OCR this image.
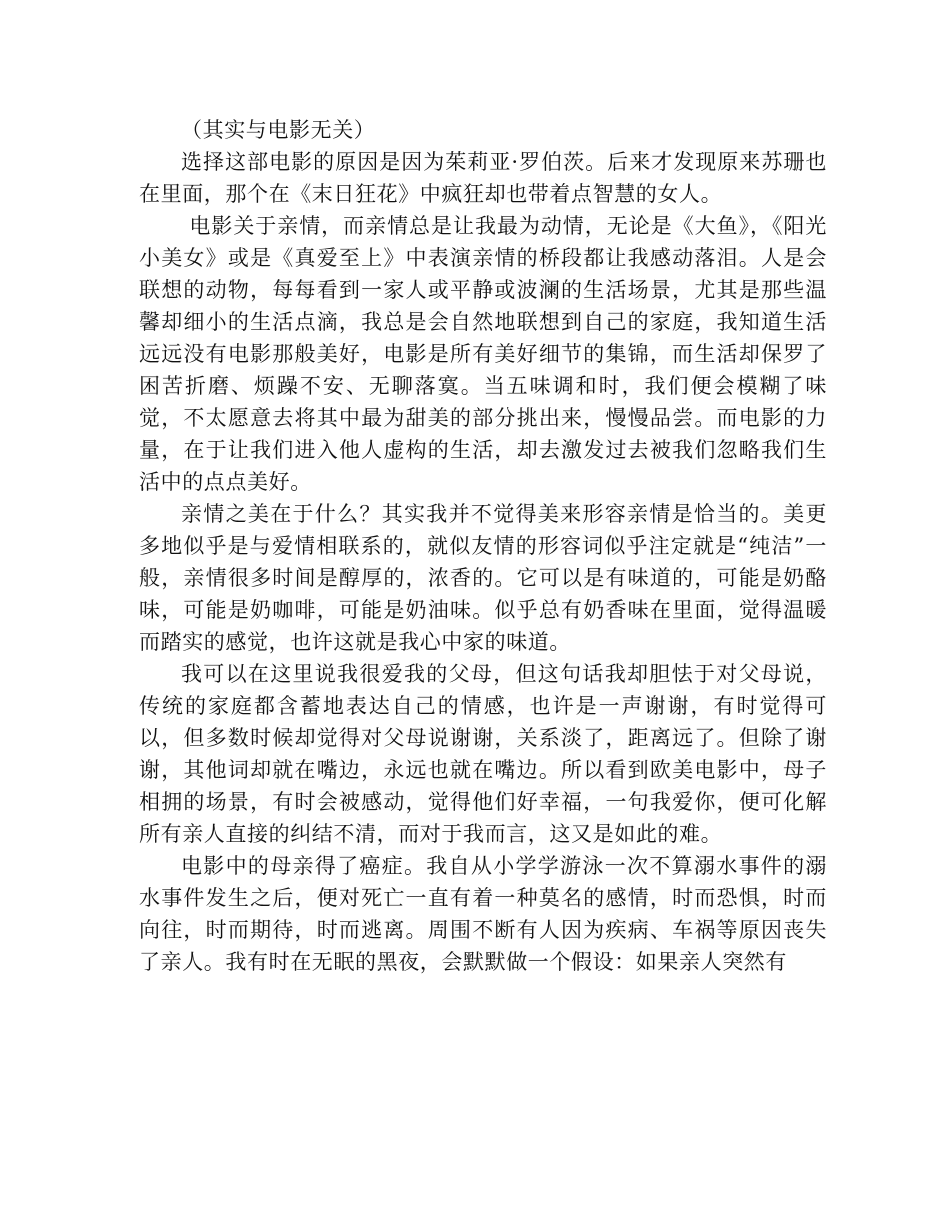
（其实与电影无关）

选择这部电影的原因是因为茱莉亚·罗伯茨。后来才发现原来苏珊也在里面，那个在《末日狂花》中疯狂却也带着点智慧的女人。

电影关于亲情，而亲情总是让我最为动情，无论是《大鱼》，《阳光小美女》或是《真爱至上》中表演亲情的桥段都让我感动落泪。人是会联想的动物，每每看到一家人或平静或波澜的生活场景，尤其是那些温馨却细小的生活点滴，我总是会自然地联想到自己的家庭，我知道生活远远没有电影那般美好，电影是所有美好细节的集锦，而生活却保罗了困苦折磨、烦躁不安、无聊落寞。当五味调和时，我们便会模糊了味觉，不太愿意去将其中最为甜美的部分挑出来，慢慢品尝。而电影的力量，在于让我们进入他人虚构的生活，却去激发过去被我们忽略我们生活中的点点美好。

亲情之美在于什么？其实我并不觉得美来形容亲情是恰当的。美更多地似乎是与爱情相联系的，就似友情的形容词似乎注定就是“纯洁”一般，亲情很多时间是醇厚的，浓香的。它可以是有味道的，可能是奶酪味，可能是奶咖啡，可能是奶油味。似乎总有奶香味在里面，觉得温暖而踏实的感觉，也许这就是我心中家的味道。

我可以在这里说我很爱我的父母，但这句话我却胆怯于对父母说，传统的家庭都含蓄地表达自己的情感，也许是一声谢谢，有时觉得可以，但多数时候却觉得对父母说谢谢，关系淡了，距离远了。但除了谢谢，其他词却就在嘴边，永远也就在嘴边。所以看到欧美电影中，母子相拥的场景，有时会被感动，觉得他们好幸福，一句我爱你，便可化解所有亲人直接的纠结不清，而对于我而言，这又是如此的难。

电影中的母亲得了癌症。我自从小学学游泳一次不算溺水事件的溺水事件发生之后，便对死亡一直有着一种莫名的感情，时而恐惧，时而向往，时而期待，时而逃离。周围不断有人因为疾病、车祸等原因丧失了亲人。我有时在无眠的黑夜，会默默做一个假设：如果亲人突然有
